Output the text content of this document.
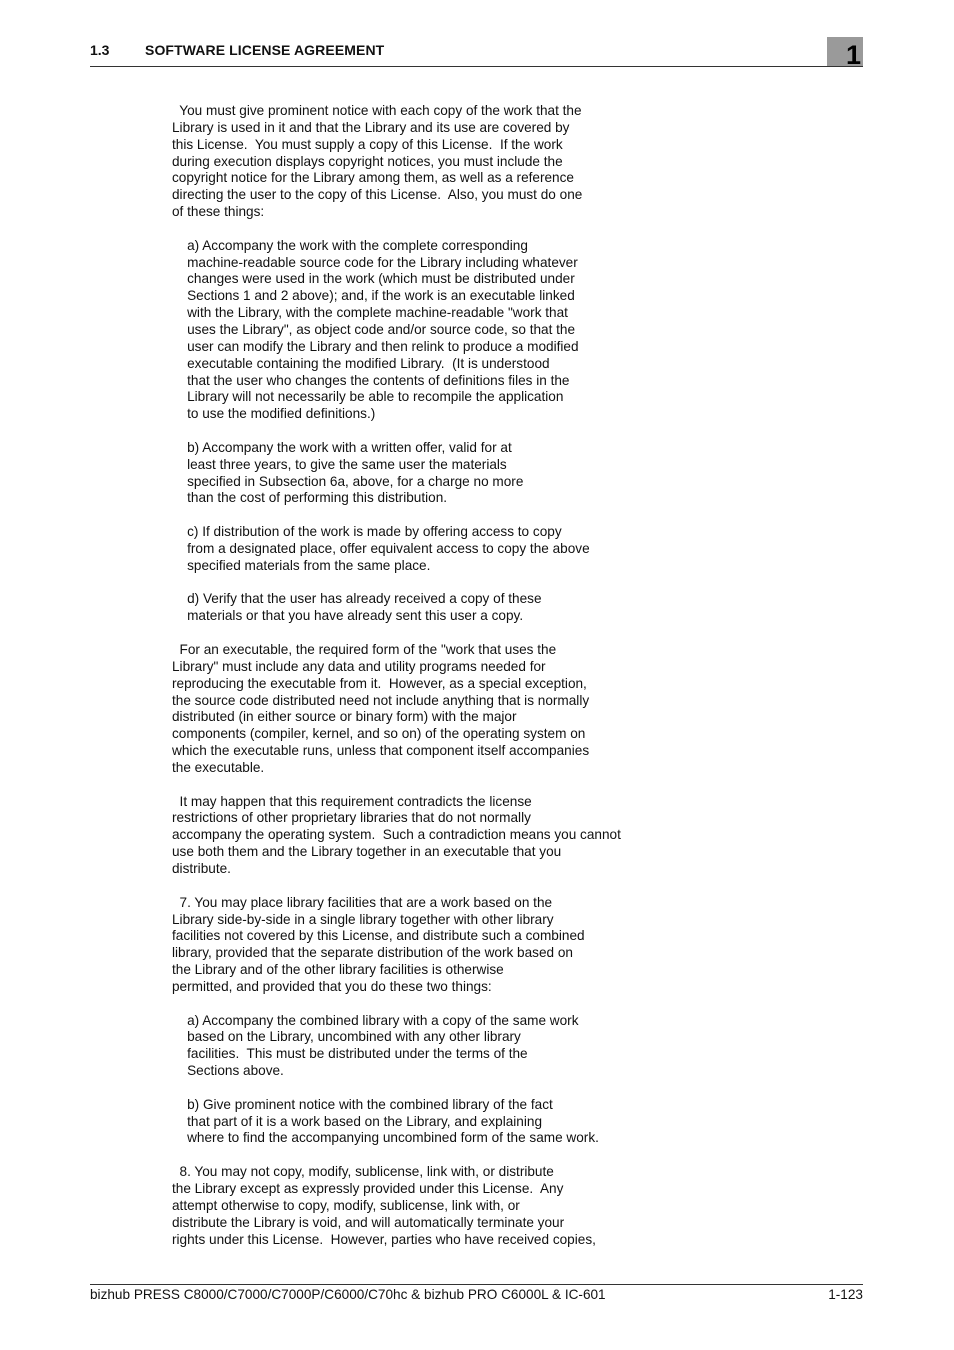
1.3	SOFTWARE LICENSE AGREEMENT	1

You must give prominent notice with each copy of the work that the
Library is used in it and that the Library and its use are covered by
this License.  You must supply a copy of this License.  If the work
during execution displays copyright notices, you must include the
copyright notice for the Library among them, as well as a reference
directing the user to the copy of this License.  Also, you must do one
of these things:

a) Accompany the work with the complete corresponding
machine-readable source code for the Library including whatever
changes were used in the work (which must be distributed under
Sections 1 and 2 above); and, if the work is an executable linked
with the Library, with the complete machine-readable "work that
uses the Library", as object code and/or source code, so that the
user can modify the Library and then relink to produce a modified
executable containing the modified Library.  (It is understood
that the user who changes the contents of definitions files in the
Library will not necessarily be able to recompile the application
to use the modified definitions.)

b) Accompany the work with a written offer, valid for at
least three years, to give the same user the materials
specified in Subsection 6a, above, for a charge no more
than the cost of performing this distribution.

c) If distribution of the work is made by offering access to copy
from a designated place, offer equivalent access to copy the above
specified materials from the same place.

d) Verify that the user has already received a copy of these
materials or that you have already sent this user a copy.

For an executable, the required form of the "work that uses the
Library" must include any data and utility programs needed for
reproducing the executable from it.  However, as a special exception,
the source code distributed need not include anything that is normally
distributed (in either source or binary form) with the major
components (compiler, kernel, and so on) of the operating system on
which the executable runs, unless that component itself accompanies
the executable.

It may happen that this requirement contradicts the license
restrictions of other proprietary libraries that do not normally
accompany the operating system.  Such a contradiction means you cannot
use both them and the Library together in an executable that you
distribute.

7. You may place library facilities that are a work based on the
Library side-by-side in a single library together with other library
facilities not covered by this License, and distribute such a combined
library, provided that the separate distribution of the work based on
the Library and of the other library facilities is otherwise
permitted, and provided that you do these two things:

a) Accompany the combined library with a copy of the same work
based on the Library, uncombined with any other library
facilities.  This must be distributed under the terms of the
Sections above.

b) Give prominent notice with the combined library of the fact
that part of it is a work based on the Library, and explaining
where to find the accompanying uncombined form of the same work.

8. You may not copy, modify, sublicense, link with, or distribute
the Library except as expressly provided under this License.  Any
attempt otherwise to copy, modify, sublicense, link with, or
distribute the Library is void, and will automatically terminate your
rights under this License.  However, parties who have received copies,

bizhub PRESS C8000/C7000/C7000P/C6000/C70hc & bizhub PRO C6000L & IC-601	1-123
